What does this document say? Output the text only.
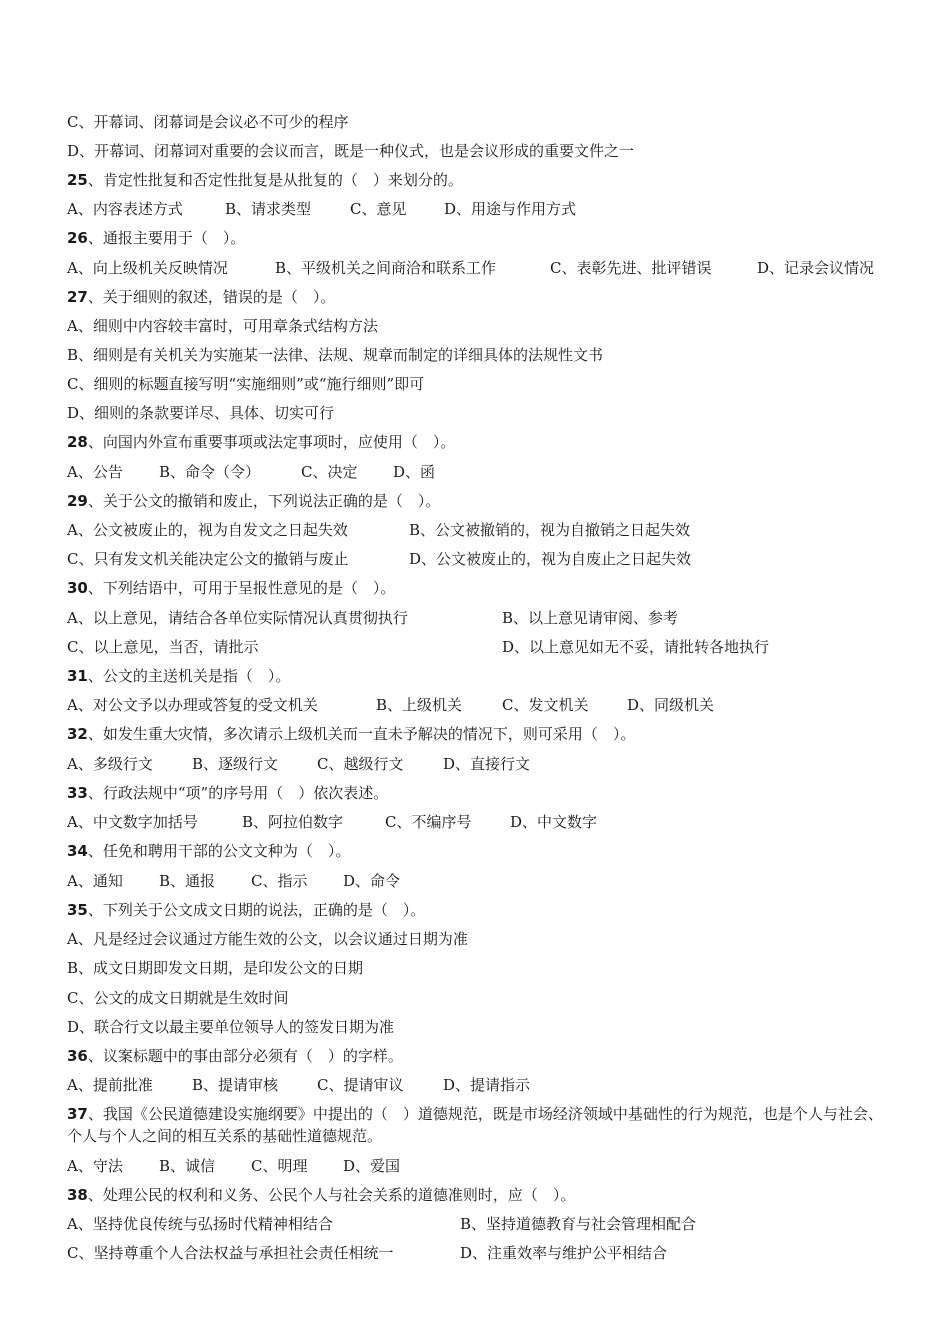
C、开幕词、闭幕词是会议必不可少的程序
D、开幕词、闭幕词对重要的会议而言，既是一种仪式，也是会议形成的重要文件之一
25、肯定性批复和否定性批复是从批复的（　）来划分的。
A、内容表述方式	B、请求类型	C、意见	D、用途与作用方式
26、通报主要用于（　）。
A、向上级机关反映情况	B、平级机关之间商洽和联系工作	C、表彰先进、批评错误	D、记录会议情况
27、关于细则的叙述，错误的是（　）。
A、细则中内容较丰富时，可用章条式结构方法
B、细则是有关机关为实施某一法律、法规、规章而制定的详细具体的法规性文书
C、细则的标题直接写明“实施细则”或“施行细则”即可
D、细则的条款要详尽、具体、切实可行
28、向国内外宣布重要事项或法定事项时，应使用（　）。
A、公告 B、命令（令）	C、决定 D、函
29、关于公文的撤销和废止，下列说法正确的是（　）。
A、公文被废止的，视为自发文之日起失效	B、公文被撤销的，视为自撤销之日起失效
C、只有发文机关能决定公文的撤销与废止	D、公文被废止的，视为自废止之日起失效
30、下列结语中，可用于呈报性意见的是（　）。
A、以上意见，请结合各单位实际情况认真贯彻执行	B、以上意见请审阅、参考
C、以上意见，当否，请批示	D、以上意见如无不妥，请批转各地执行
31、公文的主送机关是指（　）。
A、对公文予以办理或答复的受文机关	B、上级机关	C、发文机关	D、同级机关
32、如发生重大灾情，多次请示上级机关而一直未予解决的情况下，则可采用（　）。
A、多级行文	B、逐级行文	C、越级行文	D、直接行文
33、行政法规中“项”的序号用（　）依次表述。
A、中文数字加括号	B、阿拉伯数字	C、不编序号	D、中文数字
34、任免和聘用干部的公文文种为（　）。
A、通知 B、通报 C、指示 D、命令
35、下列关于公文成文日期的说法，正确的是（　）。
A、凡是经过会议通过方能生效的公文，以会议通过日期为准
B、成文日期即发文日期，是印发公文的日期
C、公文的成文日期就是生效时间
D、联合行文以最主要单位领导人的签发日期为准
36、议案标题中的事由部分必须有（　）的字样。
A、提前批准	B、提请审核	C、提请审议	D、提请指示
37、我国《公民道德建设实施纲要》中提出的（　）道德规范，既是市场经济领域中基础性的行为规范，也是个人与社会、个人与个人之间的相互关系的基础性道德规范。
A、守法 B、诚信 C、明理 D、爱国
38、处理公民的权利和义务、公民个人与社会关系的道德准则时，应（　）。
A、坚持优良传统与弘扬时代精神相结合	B、坚持道德教育与社会管理相配合
C、坚持尊重个人合法权益与承担社会责任相统一	D、注重效率与维护公平相结合
